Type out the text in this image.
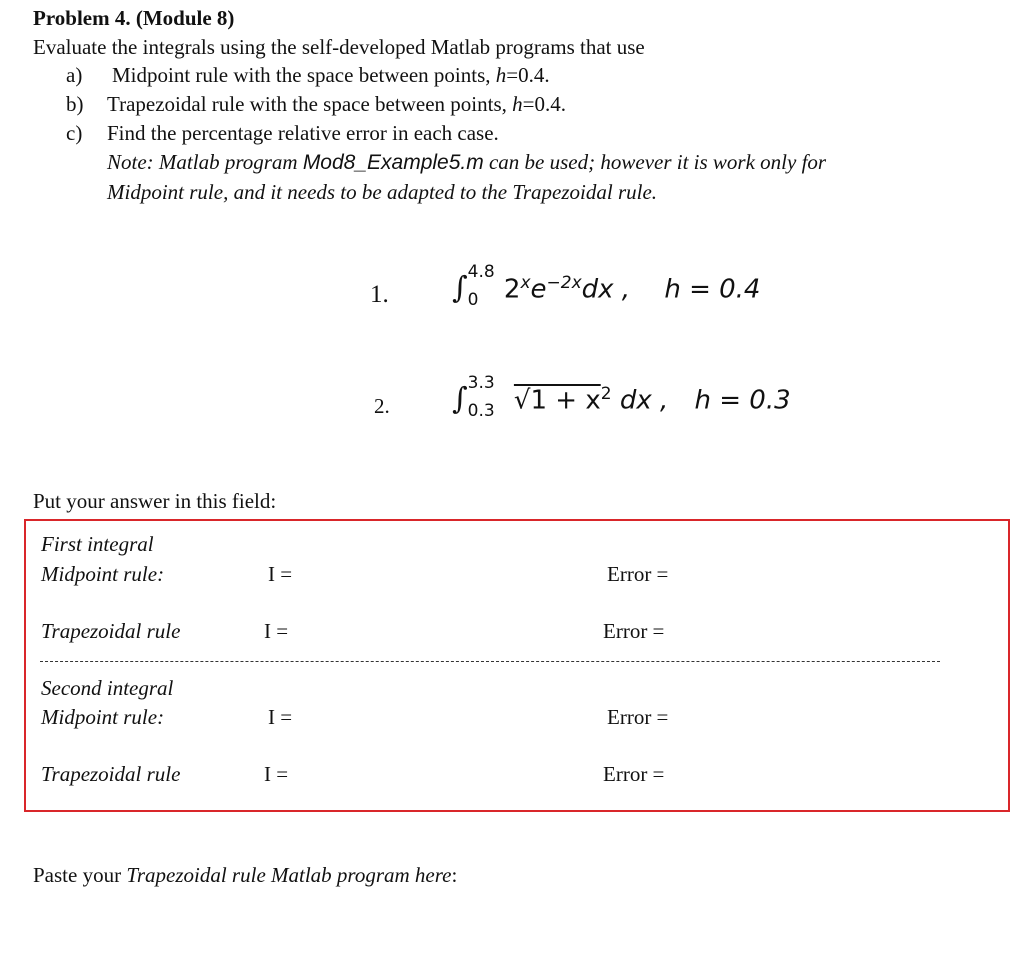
Problem 4. (Module 8)
Evaluate the integrals using the self-developed Matlab programs that use
a) Midpoint rule with the space between points, h=0.4.
b) Trapezoidal rule with the space between points, h=0.4.
c) Find the percentage relative error in each case.
Note: Matlab program Mod8_Example5.m can be used; however it is work only for
Midpoint rule, and it needs to be adapted to the Trapezoidal rule.
1. ∫ 4.8
0 $2^xe^{-2x}dx$ , h = 0.4
2. ∫ 3.3
0.3 $√1 + x^2$ dx , h = 0.3
Put your answer in this field:
First integral
Midpoint rule:	I =	Error =
Trapezoidal rule	I =	Error =
Second integral
Midpoint rule:	I =	Error =
Trapezoidal rule	I =	Error =
Paste your Trapezoidal rule Matlab program here:
